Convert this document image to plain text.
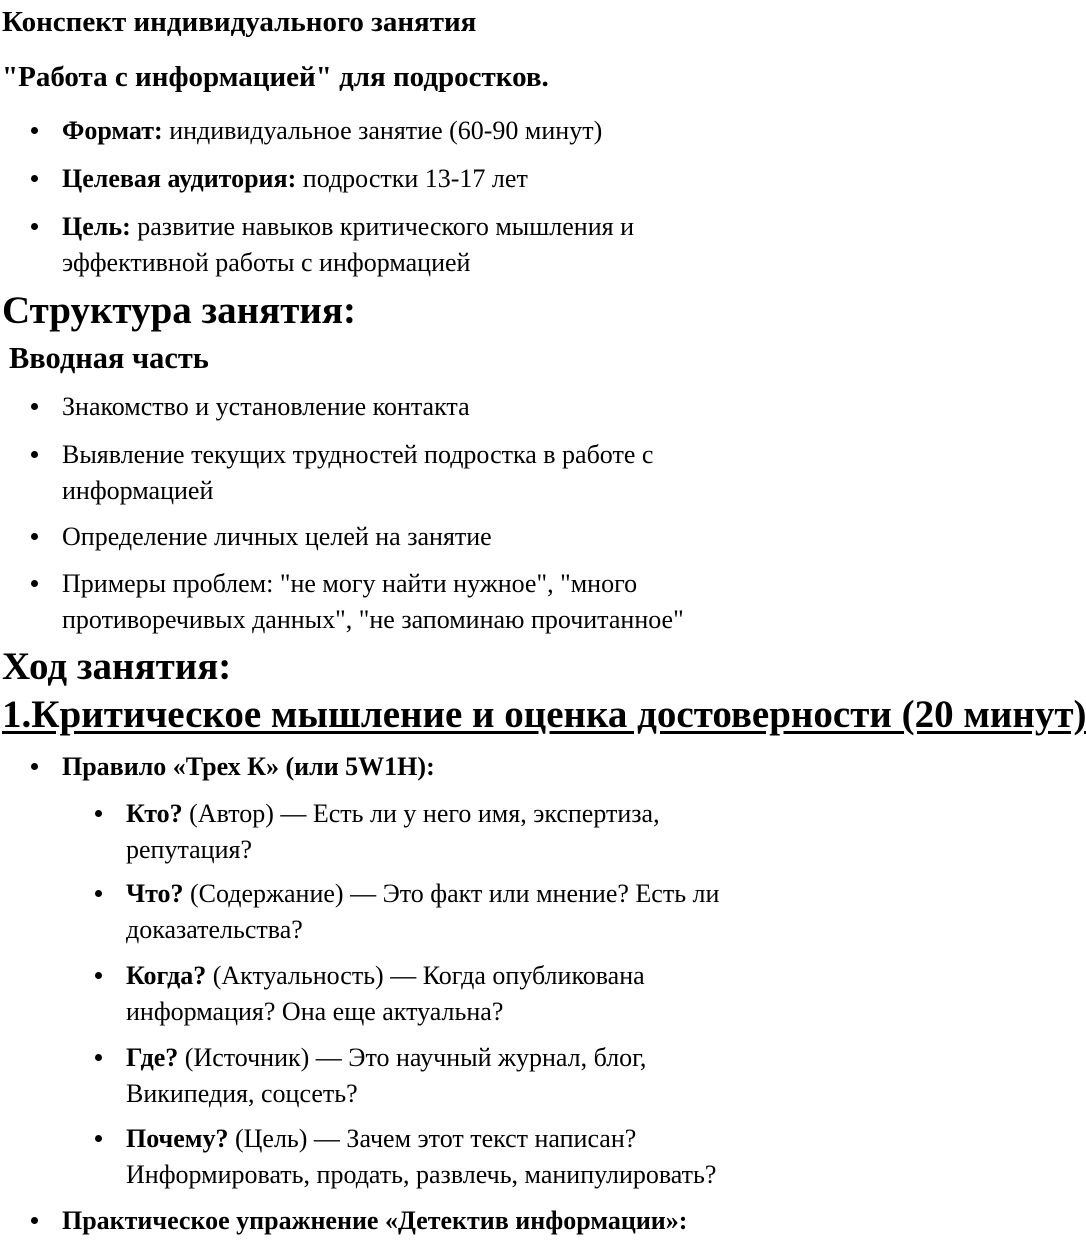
Конспект индивидуального занятия
"Работа с информацией" для подростков.
Формат: индивидуальное занятие (60-90 минут)
Целевая аудитория: подростки 13-17 лет
Цель: развитие навыков критического мышления и
эффективной работы с информацией
Структура занятия:
Вводная часть
Знакомство и установление контакта
Выявление текущих трудностей подростка в работе с
информацией
Определение личных целей на занятие
Примеры проблем: "не могу найти нужное", "много
противоречивых данных", "не запоминаю прочитанное"
Ход занятия:
1.Критическое мышление и оценка достоверности (20 минут)
Правило «Трех К» (или 5W1H):
Кто? (Автор) — Есть ли у него имя, экспертиза,
репутация?
Что? (Содержание) — Это факт или мнение? Есть ли
доказательства?
Когда? (Актуальность) — Когда опубликована
информация? Она еще актуальна?
Где? (Источник) — Это научный журнал, блог,
Википедия, соцсеть?
Почему? (Цель) — Зачем этот текст написан?
Информировать, продать, развлечь, манипулировать?
Практическое упражнение «Детектив информации»:
